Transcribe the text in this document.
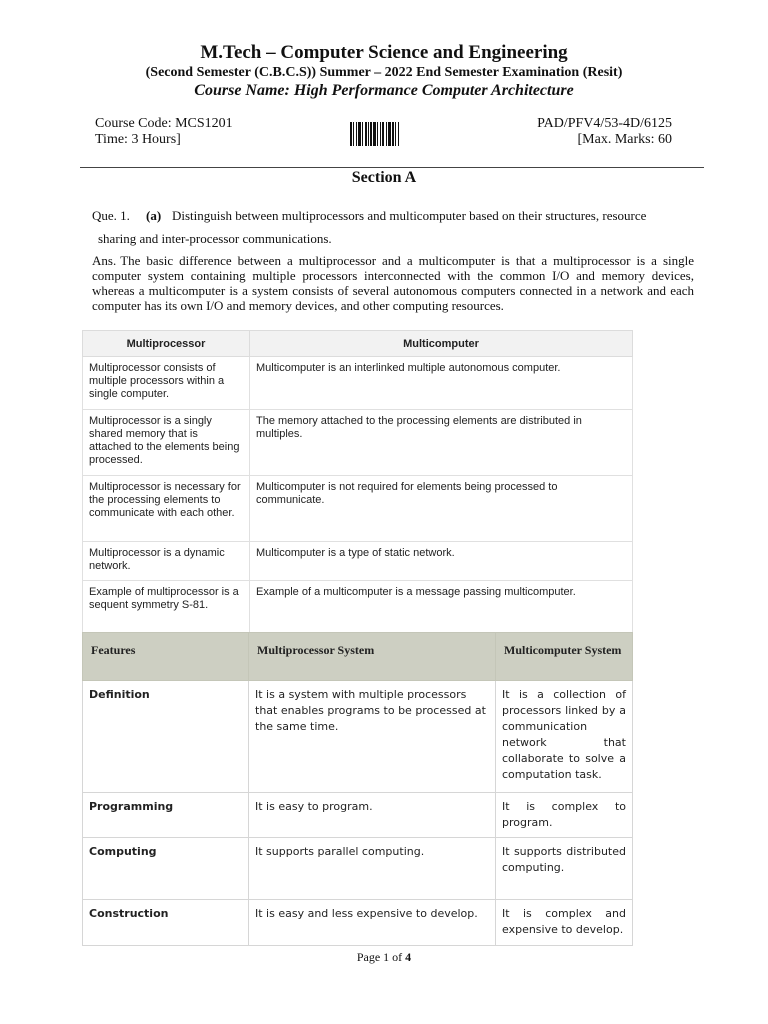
M.Tech – Computer Science and Engineering
(Second Semester (C.B.C.S)) Summer – 2022 End Semester Examination (Resit)
Course Name: High Performance Computer Architecture
Course Code: MCS1201
Time: 3 Hours]
PAD/PFV4/53-4D/6125
[Max. Marks: 60
Section A
Que. 1. (a) Distinguish between multiprocessors and multicomputer based on their structures, resource
sharing and inter-processor communications.
Ans. The basic difference between a multiprocessor and a multicomputer is that a multiprocessor is a single computer system containing multiple processors interconnected with the common I/O and memory devices, whereas a multicomputer is a system consists of several autonomous computers connected in a network and each computer has its own I/O and memory devices, and other computing resources.
Multiprocessor	Multicomputer
Multiprocessor consists of multiple processors within a single computer.	Multicomputer is an interlinked multiple autonomous computer.
Multiprocessor is a singly shared memory that is attached to the elements being processed.	The memory attached to the processing elements are distributed in multiples.
Multiprocessor is necessary for the processing elements to communicate with each other.	Multicomputer is not required for elements being processed to communicate.
Multiprocessor is a dynamic network.	Multicomputer is a type of static network.
Example of multiprocessor is a sequent symmetry S-81.	Example of a multicomputer is a message passing multicomputer.
Features	Multiprocessor System	Multicomputer System
Definition	It is a system with multiple processors that enables programs to be processed at the same time.	It is a collection of processors linked by a communication network that collaborate to solve a computation task.
Programming	It is easy to program.	It is complex to program.
Computing	It supports parallel computing.	It supports distributed computing.
Construction	It is easy and less expensive to develop.	It is complex and expensive to develop.
Page 1 of 4
